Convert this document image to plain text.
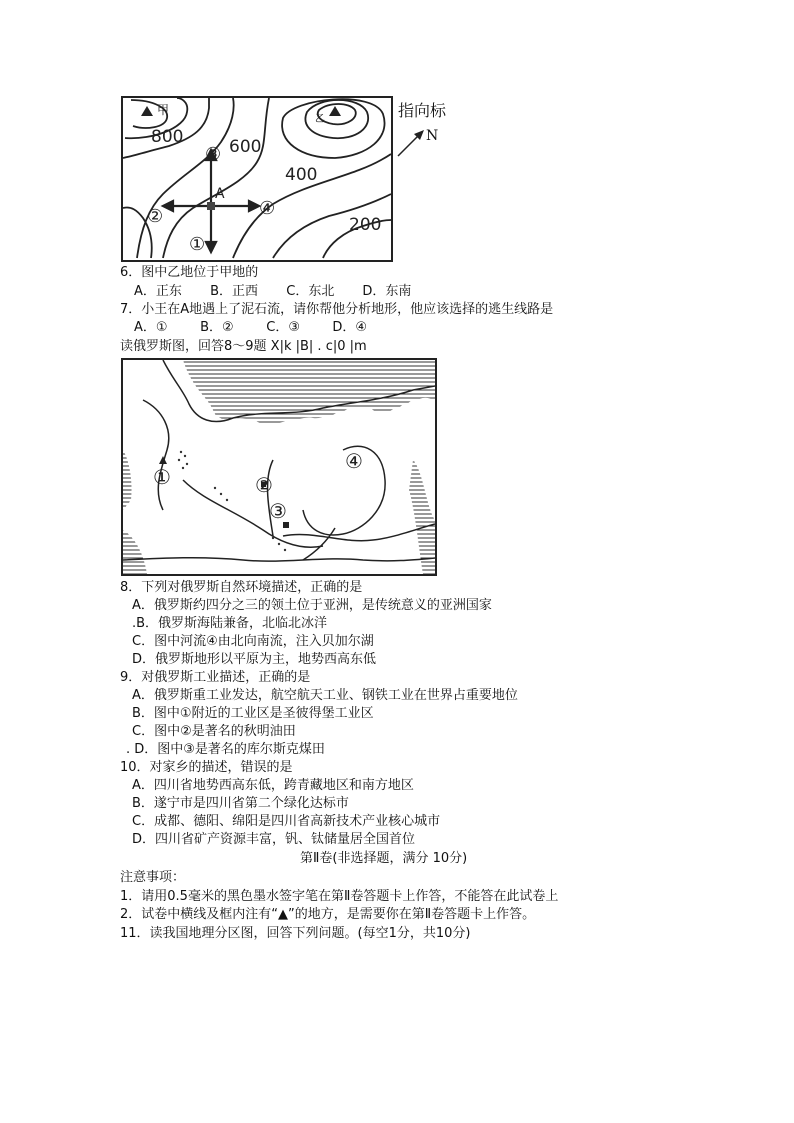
甲
乙
800	600
400
200
A
③
②	④
①
指向标
N
6．图中乙地位于甲地的
A．正东 B．正西 C．东北 D．东南
7．小王在A地遇上了泥石流，请你帮他分析地形，他应该选择的逃生线路是
A．①	B．②	C．③ D．④
读俄罗斯图，回答8～9题 X|k |B| . c|0 |m
①	②
③
④
8．下列对俄罗斯自然环境描述，正确的是
A．俄罗斯约四分之三的领土位于亚洲，是传统意义的亚洲国家
.B．俄罗斯海陆兼备，北临北冰洋
C．图中河流④由北向南流，注入贝加尔湖
D．俄罗斯地形以平原为主，地势西高东低
9．对俄罗斯工业描述，正确的是
A．俄罗斯重工业发达，航空航天工业、钢铁工业在世界占重要地位
B．图中①附近的工业区是圣彼得堡工业区
C．图中②是著名的秋明油田
. D．图中③是著名的库尔斯克煤田
10．对家乡的描述，错误的是
A．四川省地势西高东低，跨青藏地区和南方地区
B．遂宁市是四川省第二个绿化达标市
C．成都、德阳、绵阳是四川省高新技术产业核心城市
D．四川省矿产资源丰富，钒、钛储量居全国首位
第Ⅱ卷(非选择题，满分 10分)
注意事项：
1．请用0.5毫米的黑色墨水签字笔在第Ⅱ卷答题卡上作答，不能答在此试卷上
2．试卷中横线及框内注有“▲”的地方，是需要你在第Ⅱ卷答题卡上作答。
11．读我国地理分区图，回答下列问题。(每空1分，共10分)
